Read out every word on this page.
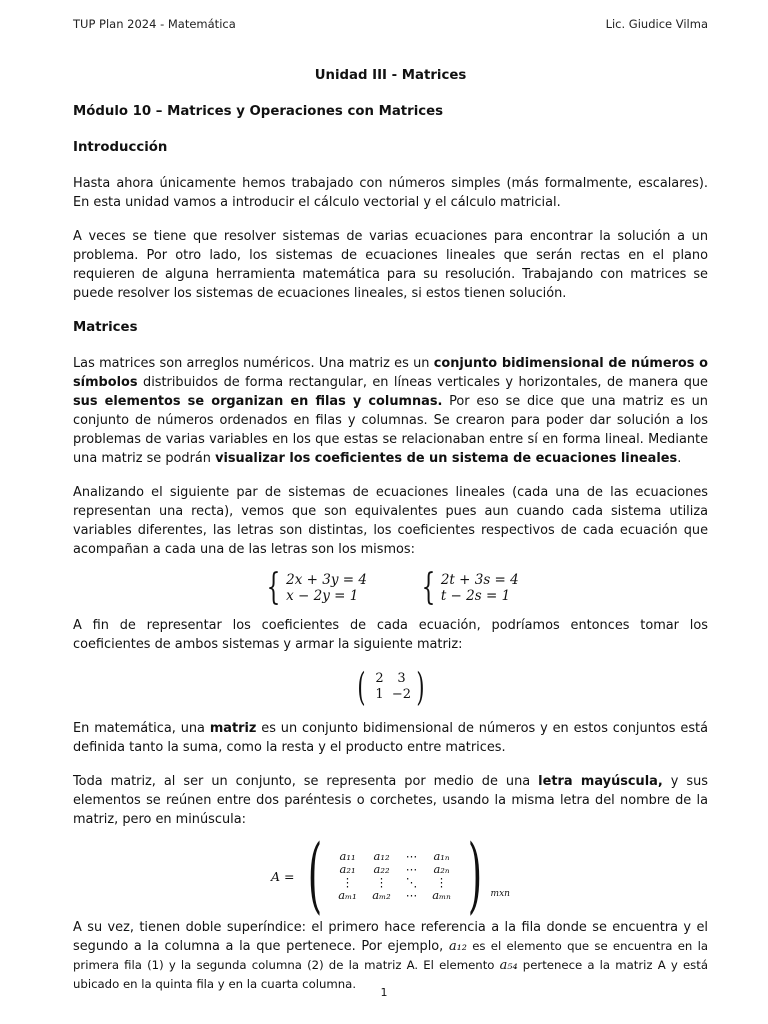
TUP Plan 2024 - Matemática	Lic. Giudice Vilma
Unidad III - Matrices
Módulo 10 – Matrices y Operaciones con Matrices
Introducción

Hasta ahora únicamente hemos trabajado con números simples (más formalmente, escalares). En esta unidad vamos a introducir el cálculo vectorial y el cálculo matricial.

A veces se tiene que resolver sistemas de varias ecuaciones para encontrar la solución a un problema. Por otro lado, los sistemas de ecuaciones lineales que serán rectas en el plano requieren de alguna herramienta matemática para su resolución. Trabajando con matrices se puede resolver los sistemas de ecuaciones lineales, si estos tienen solución.

Matrices

Las matrices son arreglos numéricos. Una matriz es un conjunto bidimensional de números o símbolos distribuidos de forma rectangular, en líneas verticales y horizontales, de manera que sus elementos se organizan en filas y columnas. Por eso se dice que una matriz es un conjunto de números ordenados en filas y columnas. Se crearon para poder dar solución a los problemas de varias variables en los que estas se relacionaban entre sí en forma lineal. Mediante una matriz se podrán visualizar los coeficientes de un sistema de ecuaciones lineales.

Analizando el siguiente par de sistemas de ecuaciones lineales (cada una de las ecuaciones representan una recta), vemos que son equivalentes pues aun cuando cada sistema utiliza variables diferentes, las letras son distintas, los coeficientes respectivos de cada ecuación que acompañan a cada una de las letras son los mismos:

{ 2x + 3y = 4
x − 2y = 1 { 2t + 3s = 4
t − 2s = 1

A fin de representar los coeficientes de cada ecuación, podríamos entonces tomar los coeficientes de ambos sistemas y armar la siguiente matriz:

( 2	3
1 −2 )

En matemática, una matriz es un conjunto bidimensional de números y en estos conjuntos está definida tanto la suma, como la resta y el producto entre matrices.

Toda matriz, al ser un conjunto, se representa por medio de una letra mayúscula, y sus elementos se reúnen entre dos paréntesis o corchetes, usando la misma letra del nombre de la matriz, pero en minúscula:

A = (	a₁₁	a₁₂	⋯	a₁ₙ
a₂₁	a₂₂	⋯	a₂ₙ
⋮	⋮	⋱	⋮
aₘ₁	aₘ₂	⋯	aₘₙ ) mxn

A su vez, tienen doble superíndice: el primero hace referencia a la fila donde se encuentra y el segundo a la columna a la que pertenece. Por ejemplo, a₁₂ es el elemento que se encuentra en la primera fila (1) y la segunda columna (2) de la matriz A. El elemento a₅₄ pertenece a la matriz A y está ubicado en la quinta fila y en la cuarta columna.

1
